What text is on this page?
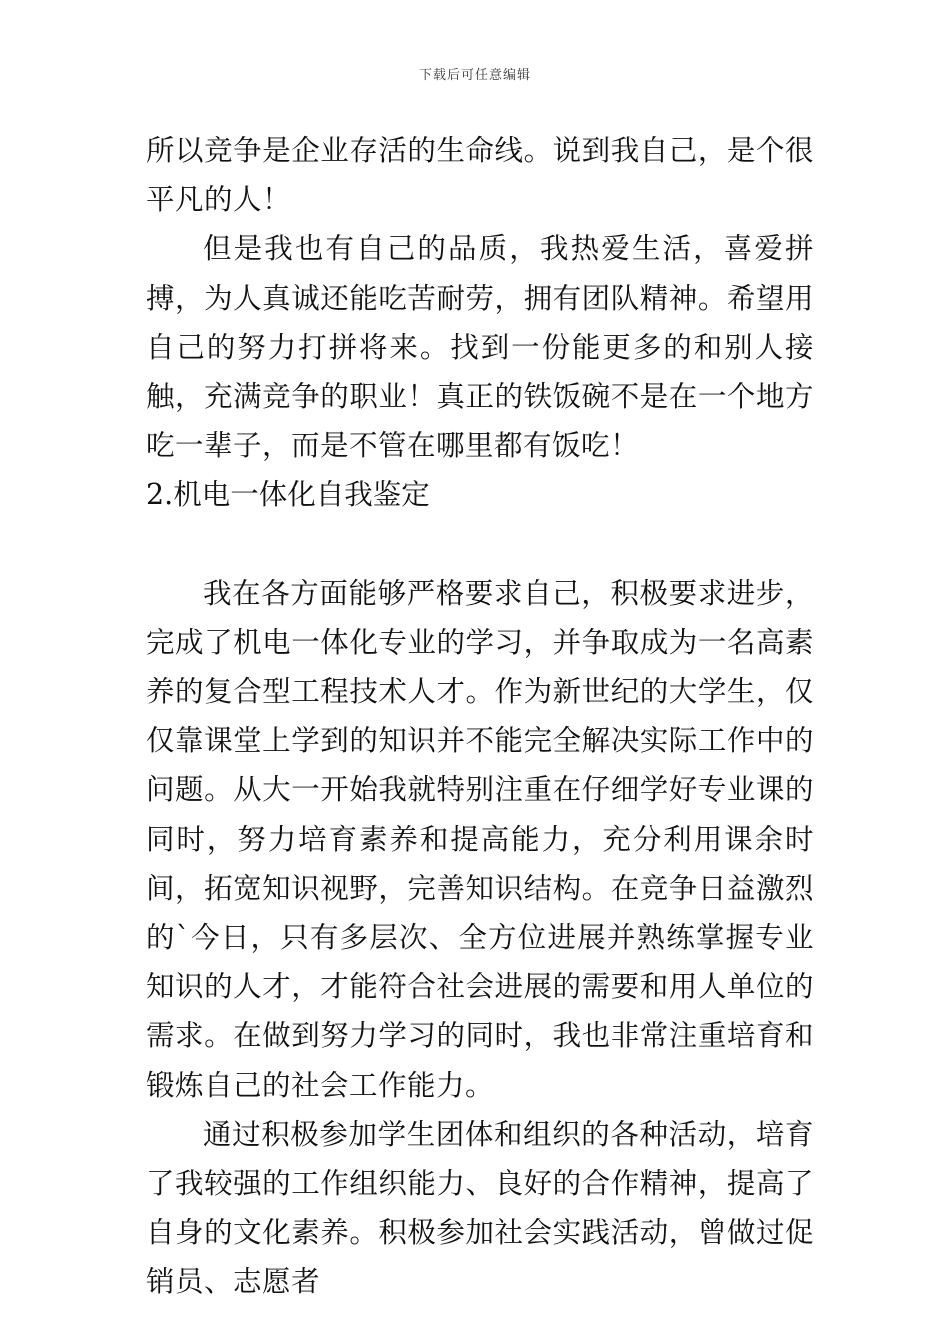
下载后可任意编辑

所以竞争是企业存活的生命线。说到我自己，是个很平凡的人！

但是我也有自己的品质，我热爱生活，喜爱拼搏，为人真诚还能吃苦耐劳，拥有团队精神。希望用自己的努力打拼将来。找到一份能更多的和别人接触，充满竞争的职业！真正的铁饭碗不是在一个地方吃一辈子，而是不管在哪里都有饭吃！

2.机电一体化自我鉴定

我在各方面能够严格要求自己，积极要求进步，完成了机电一体化专业的学习，并争取成为一名高素养的复合型工程技术人才。作为新世纪的大学生，仅仅靠课堂上学到的知识并不能完全解决实际工作中的问题。从大一开始我就特别注重在仔细学好专业课的同时，努力培育素养和提高能力，充分利用课余时间，拓宽知识视野，完善知识结构。在竞争日益激烈的`今日，只有多层次、全方位进展并熟练掌握专业知识的人才，才能符合社会进展的需要和用人单位的需求。在做到努力学习的同时，我也非常注重培育和锻炼自己的社会工作能力。

通过积极参加学生团体和组织的各种活动，培育了我较强的工作组织能力、良好的合作精神，提高了自身的文化素养。积极参加社会实践活动，曾做过促销员、志愿者
